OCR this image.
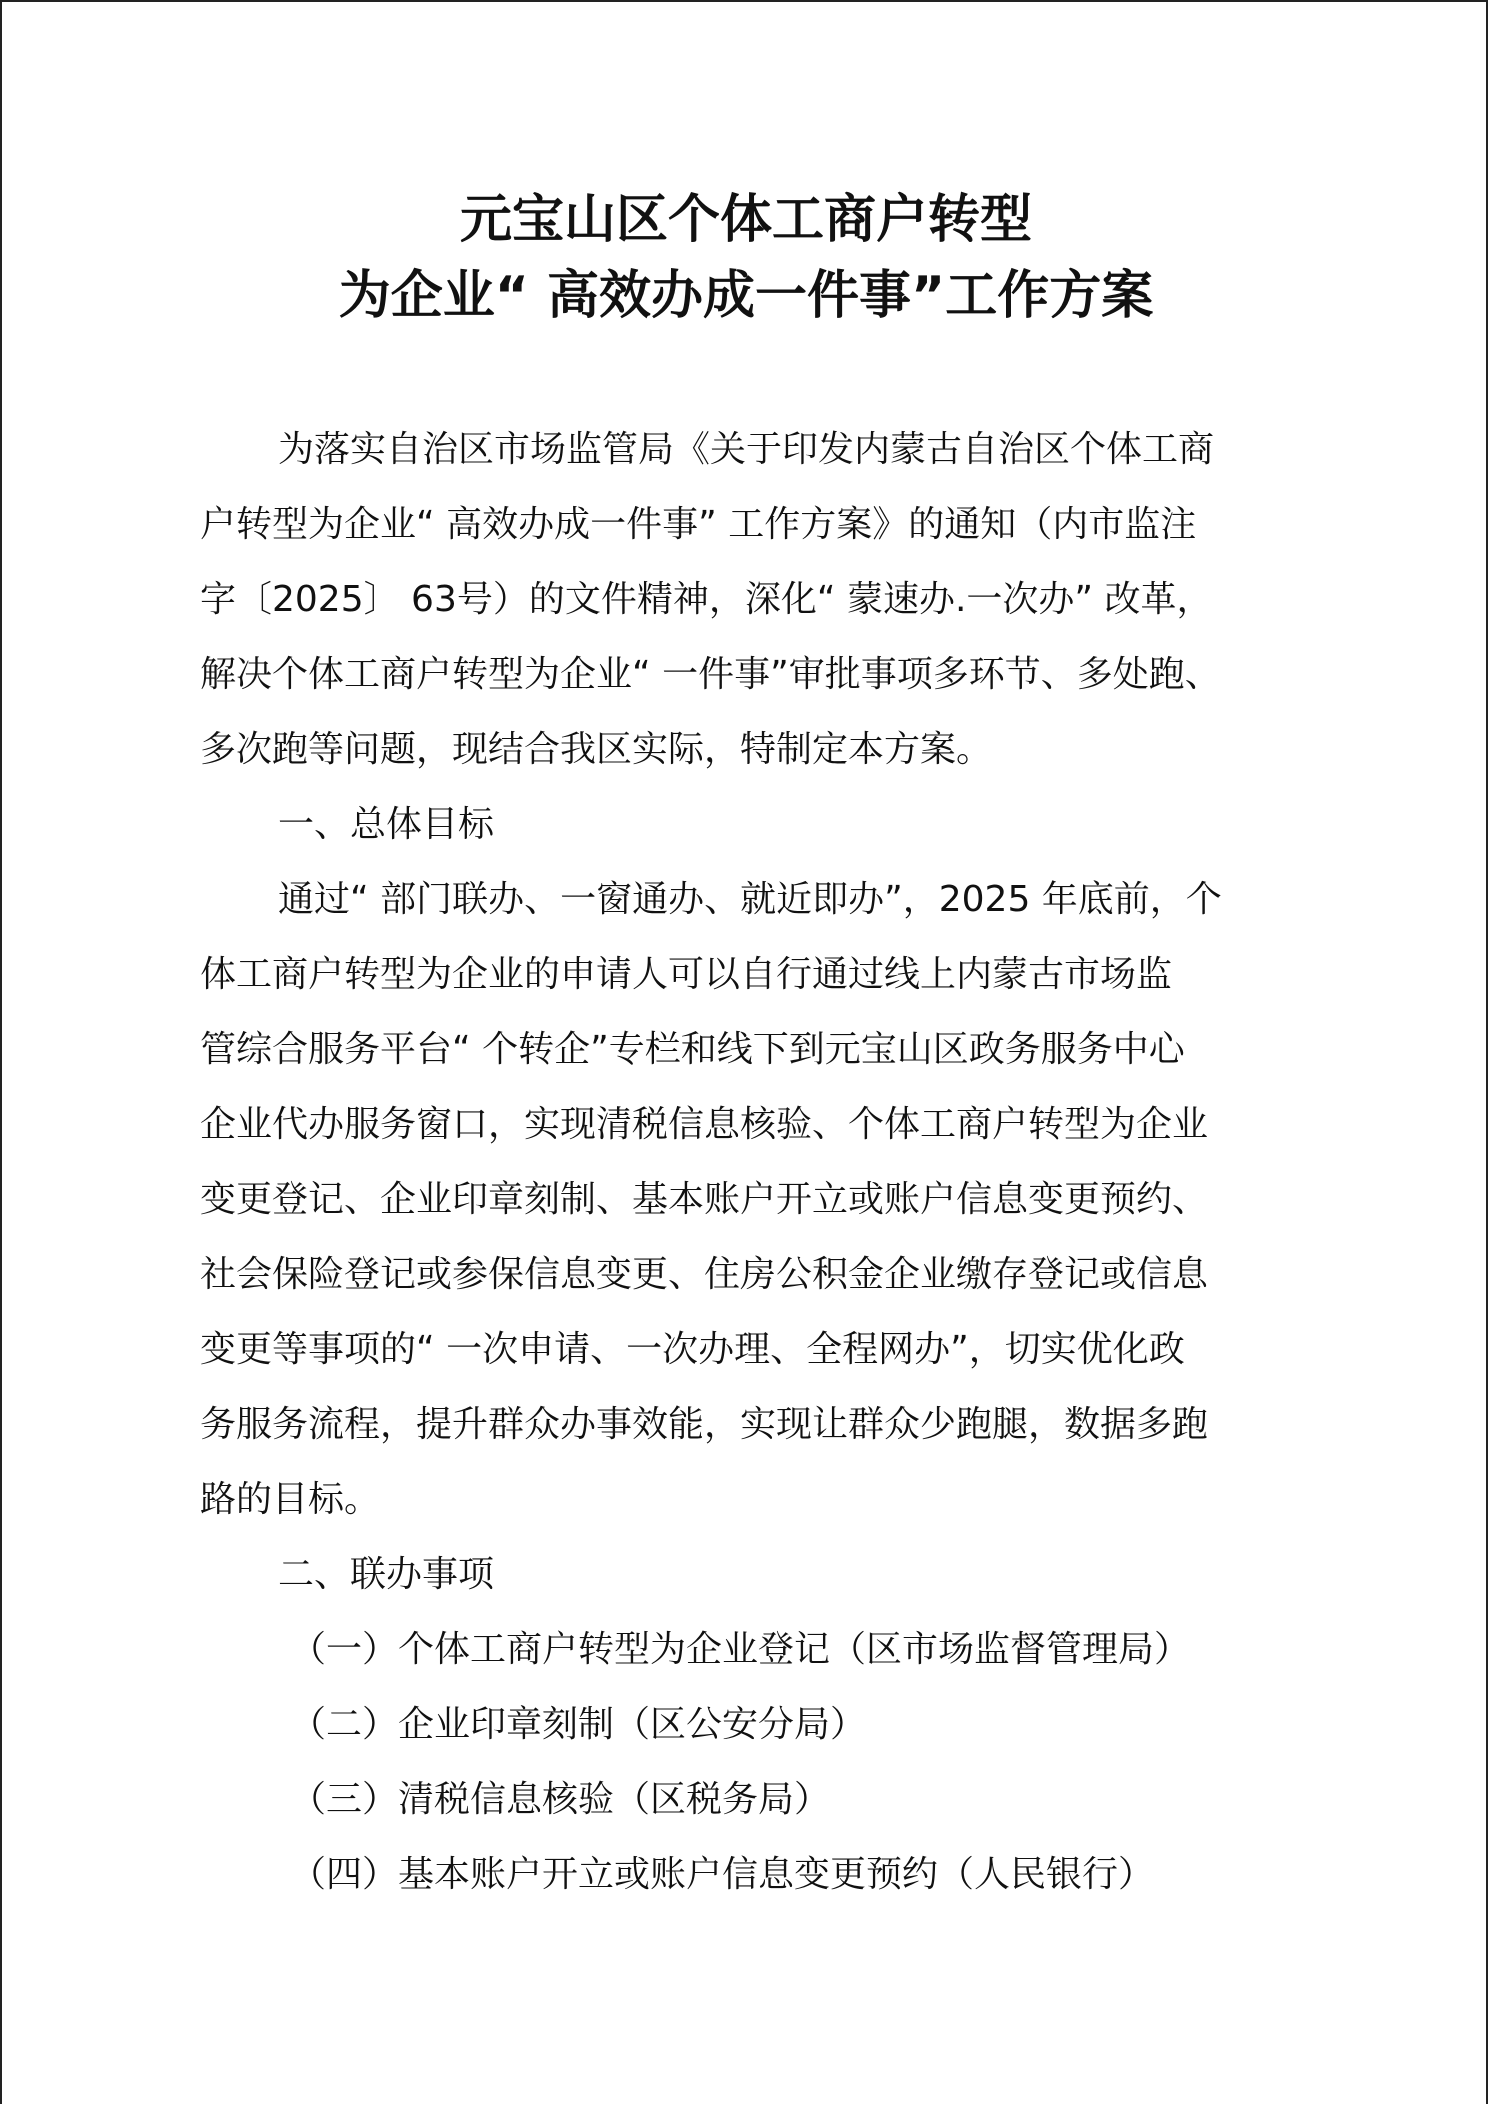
元宝山区个体工商户转型
为企业“ 高效办成一件事”工作方案
为落实自治区市场监管局《关于印发内蒙古自治区个体工商
户转型为企业“ 高效办成一件事” 工作方案》的通知（内市监注
字〔2025〕 63号）的文件精神，深化“ 蒙速办.一次办” 改革，
解决个体工商户转型为企业“ 一件事”审批事项多环节、多处跑、
多次跑等问题，现结合我区实际，特制定本方案。
一、总体目标
通过“ 部门联办、一窗通办、就近即办”，2025 年底前，个
体工商户转型为企业的申请人可以自行通过线上内蒙古市场监
管综合服务平台“ 个转企”专栏和线下到元宝山区政务服务中心
企业代办服务窗口，实现清税信息核验、个体工商户转型为企业
变更登记、企业印章刻制、基本账户开立或账户信息变更预约、
社会保险登记或参保信息变更、住房公积金企业缴存登记或信息
变更等事项的“ 一次申请、一次办理、全程网办”，切实优化政
务服务流程，提升群众办事效能，实现让群众少跑腿，数据多跑
路的目标。
二、联办事项
（一）个体工商户转型为企业登记（区市场监督管理局）
（二）企业印章刻制（区公安分局）
（三）清税信息核验（区税务局）
（四）基本账户开立或账户信息变更预约（人民银行）
